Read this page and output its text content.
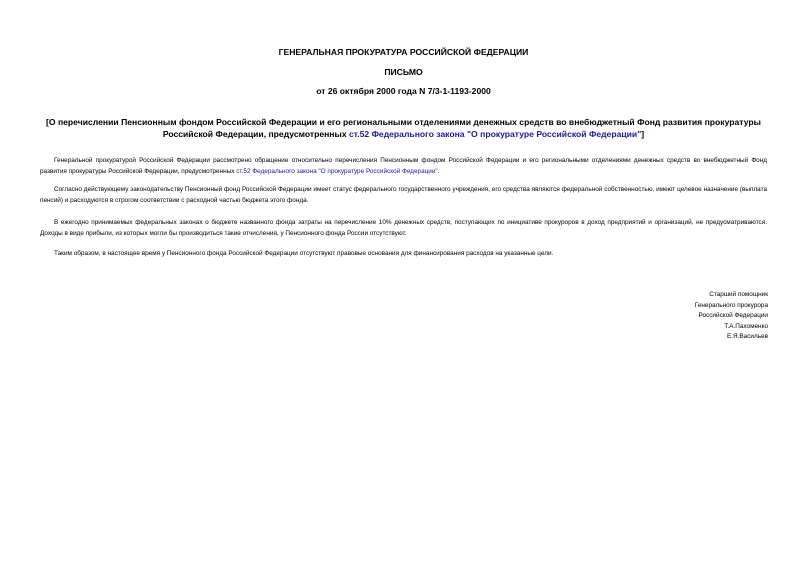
ГЕНЕРАЛЬНАЯ ПРОКУРАТУРА РОССИЙСКОЙ ФЕДЕРАЦИИ
ПИСЬМО
от 26 октября 2000 года N 7/3-1-1193-2000
[О перечислении Пенсионным фондом Российской Федерации и его региональными отделениями денежных средств во внебюджетный Фонд развития прокуратуры Российской Федерации, предусмотренных ст.52 Федерального закона "О прокуратуре Российской Федерации"]

Генеральной прокуратурой Российской Федерации рассмотрено обращение относительно перечисления Пенсионным фондом Российской Федерации и его региональными отделениями денежных средств во внебюджетный Фонд развития прокуратуры Российской Федерации, предусмотренных ст.52 Федерального закона "О прокуратуре Российской Федерации".

Согласно действующему законодательству Пенсионный фонд Российской Федерации имеет статус федерального государственного учреждения, его средства являются федеральной собственностью, имеют целевое назначение (выплата пенсий) и расходуются в строгом соответствии с расходной частью бюджета этого фонда.

В ежегодно принимаемых федеральных законах о бюджете названного фонда затраты на перечисление 10% денежных средств, поступающих по инициативе прокуроров в доход предприятий и организаций, не предусматриваются. Доходы в виде прибыли, из которых могли бы производиться такие отчисления, у Пенсионного фонда России отсутствуют.

Таким образом, в настоящее время у Пенсионного фонда Российской Федерации отсутствуют правовые основания для финансирования расходов на указанные цели.

Старший помощник
Генерального прокурора
Российской Федерации
Т.А.Пахоменко
Е.Я.Васильев
